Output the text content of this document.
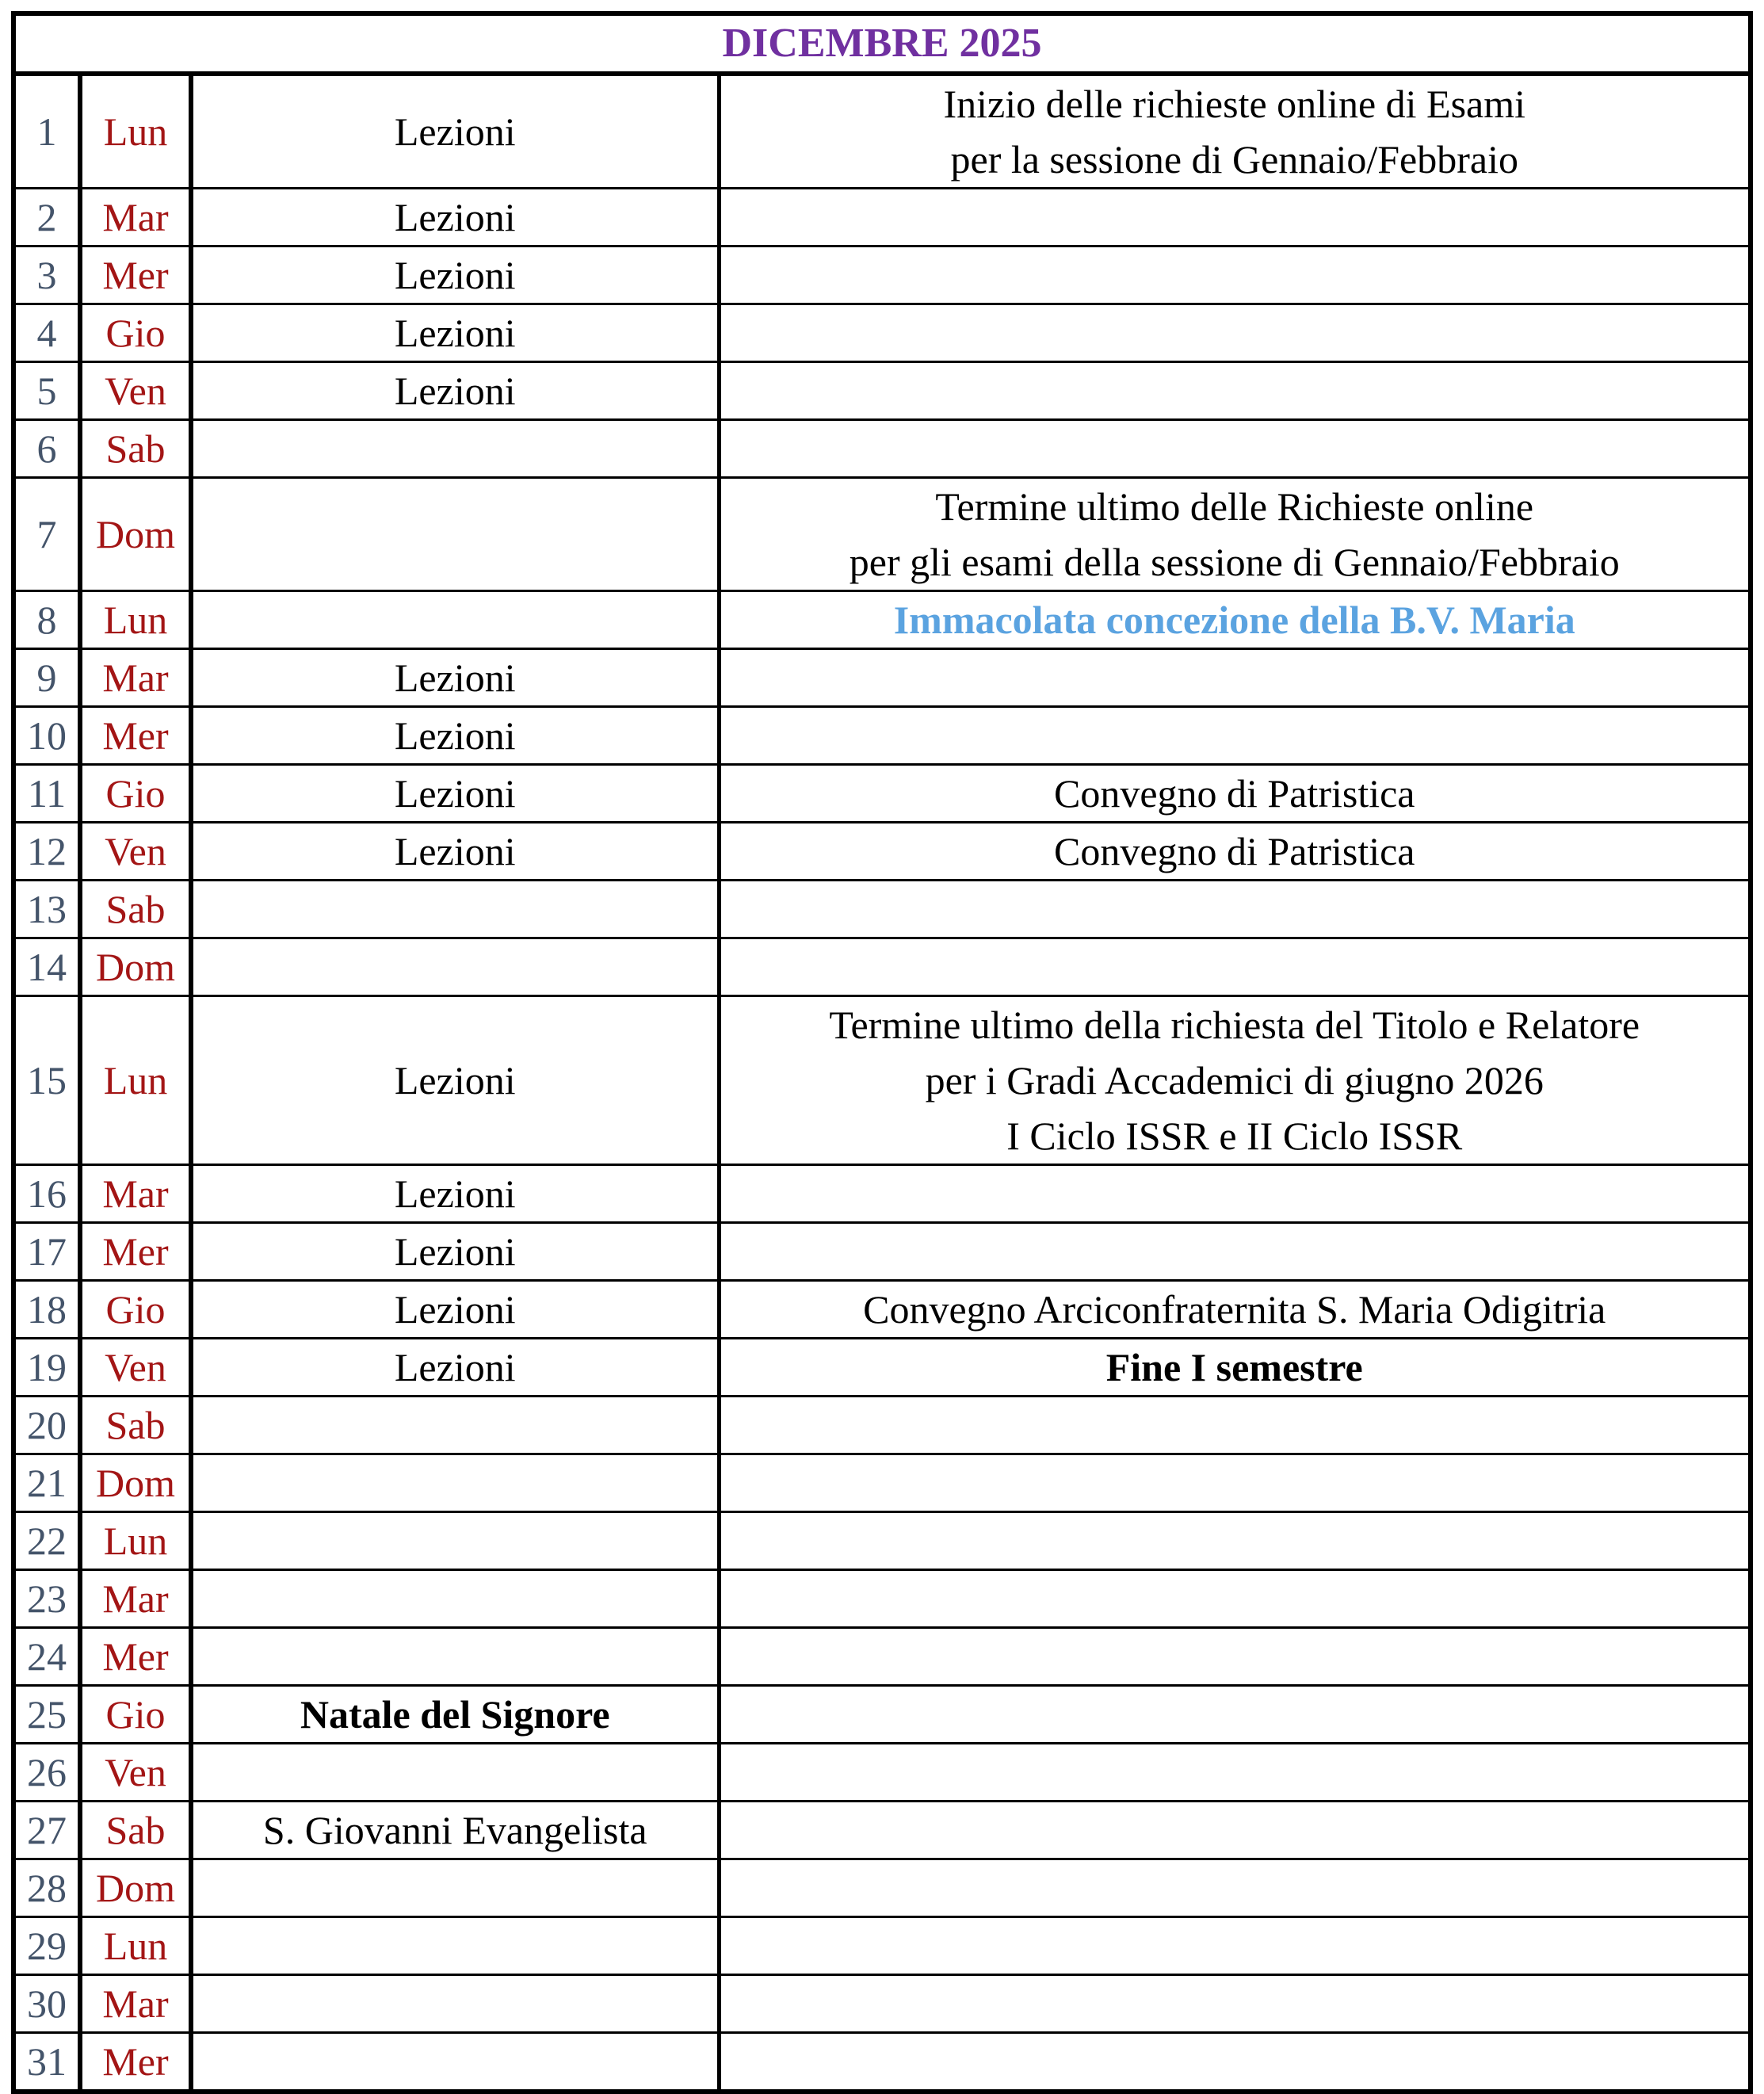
DICEMBRE 2025			
1	Lun	Lezioni	Inizio delle richieste online di Esami
per la sessione di Gennaio/Febbraio

2	Mar	Lezioni	
3	Mer	Lezioni	
4	Gio	Lezioni	
5	Ven	Lezioni	
6	Sab		
7	Dom		Termine ultimo delle Richieste online
per gli esami della sessione di Gennaio/Febbraio

8	Lun		Immacolata concezione della B.V. Maria

9	Mar	Lezioni	
10	Mer	Lezioni	
11	Gio	Lezioni	Convegno di Patristica

12	Ven	Lezioni	Convegno di Patristica

13	Sab		
14	Dom		
15	Lun	Lezioni	Termine ultimo della richiesta del Titolo e Relatore
per i Gradi Accademici di giugno 2026
I Ciclo ISSR e II Ciclo ISSR

16	Mar	Lezioni	
17	Mer	Lezioni	
18	Gio	Lezioni	Convegno Arciconfraternita S. Maria Odigitria

19	Ven	Lezioni	Fine I semestre

20	Sab		
21	Dom		
22	Lun		
23	Mar		
24	Mer		
25	Gio	Natale del Signore	
26	Ven		
27	Sab	S. Giovanni Evangelista	
28	Dom		
29	Lun		
30	Mar		
31	Mer		
